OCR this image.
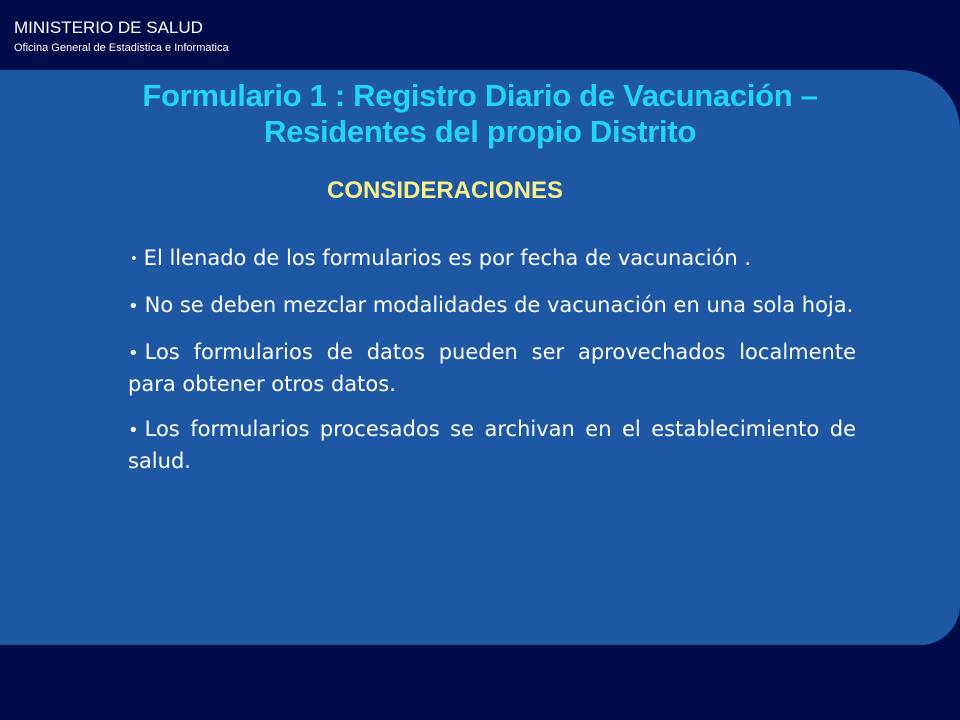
MINISTERIO DE SALUD
Oficina General de Estadistica e Informatica
Formulario 1 : Registro Diario de Vacunación –
Residentes del propio Distrito
CONSIDERACIONES
• El llenado de los formularios es por fecha de vacunación .
• No se deben mezclar modalidades de vacunación en una sola hoja.
• Los formularios de datos pueden ser aprovechados localmente para obtener otros datos.
• Los formularios procesados se archivan en el establecimiento de salud.
